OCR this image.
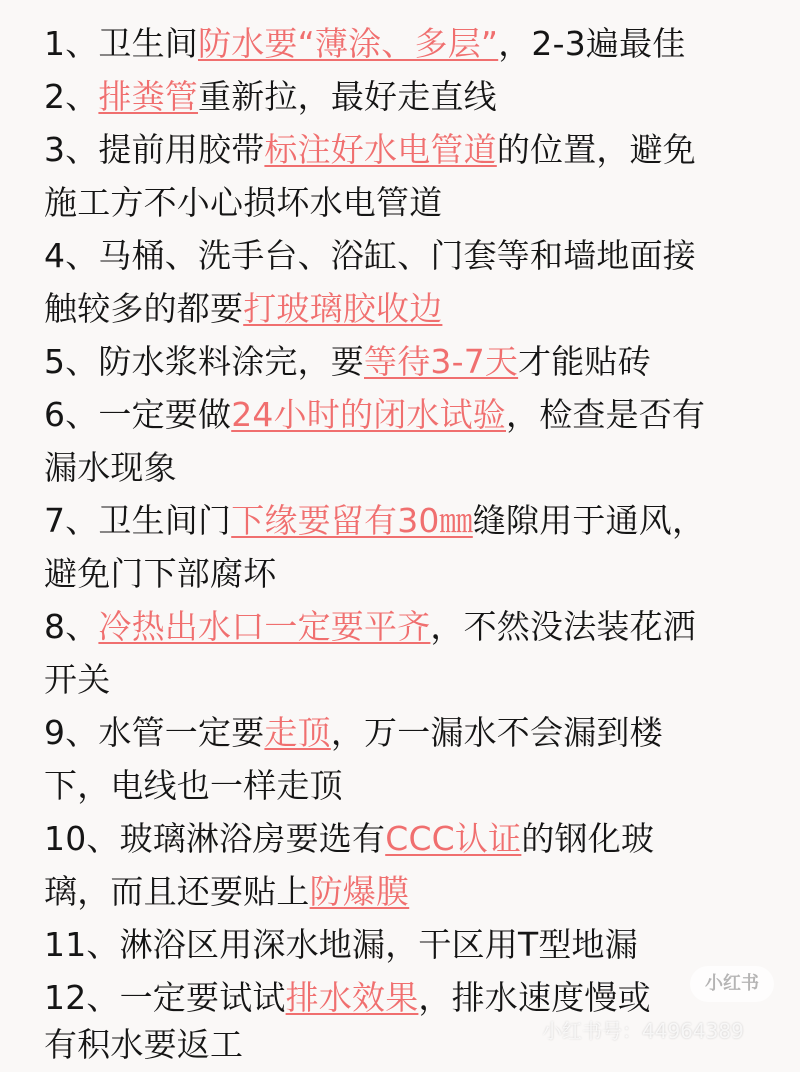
1、卫生间防水要“薄涂、多层”，2-3遍最佳
2、排粪管重新拉，最好走直线
3、提前用胶带标注好水电管道的位置，避免
施工方不小心损坏水电管道
4、马桶、洗手台、浴缸、门套等和墙地面接
触较多的都要打玻璃胶收边
5、防水浆料涂完，要等待3-7天才能贴砖
6、一定要做24小时的闭水试验，检查是否有
漏水现象
7、卫生间门下缘要留有30㎜缝隙用于通风，
避免门下部腐坏
8、冷热出水口一定要平齐，不然没法装花洒
开关
9、水管一定要走顶，万一漏水不会漏到楼
下，电线也一样走顶
10、玻璃淋浴房要选有CCC认证的钢化玻
璃，而且还要贴上防爆膜
11、淋浴区用深水地漏，干区用T型地漏
12、一定要试试排水效果，排水速度慢或
有积水要返工
小红书
小红书号：44964389
